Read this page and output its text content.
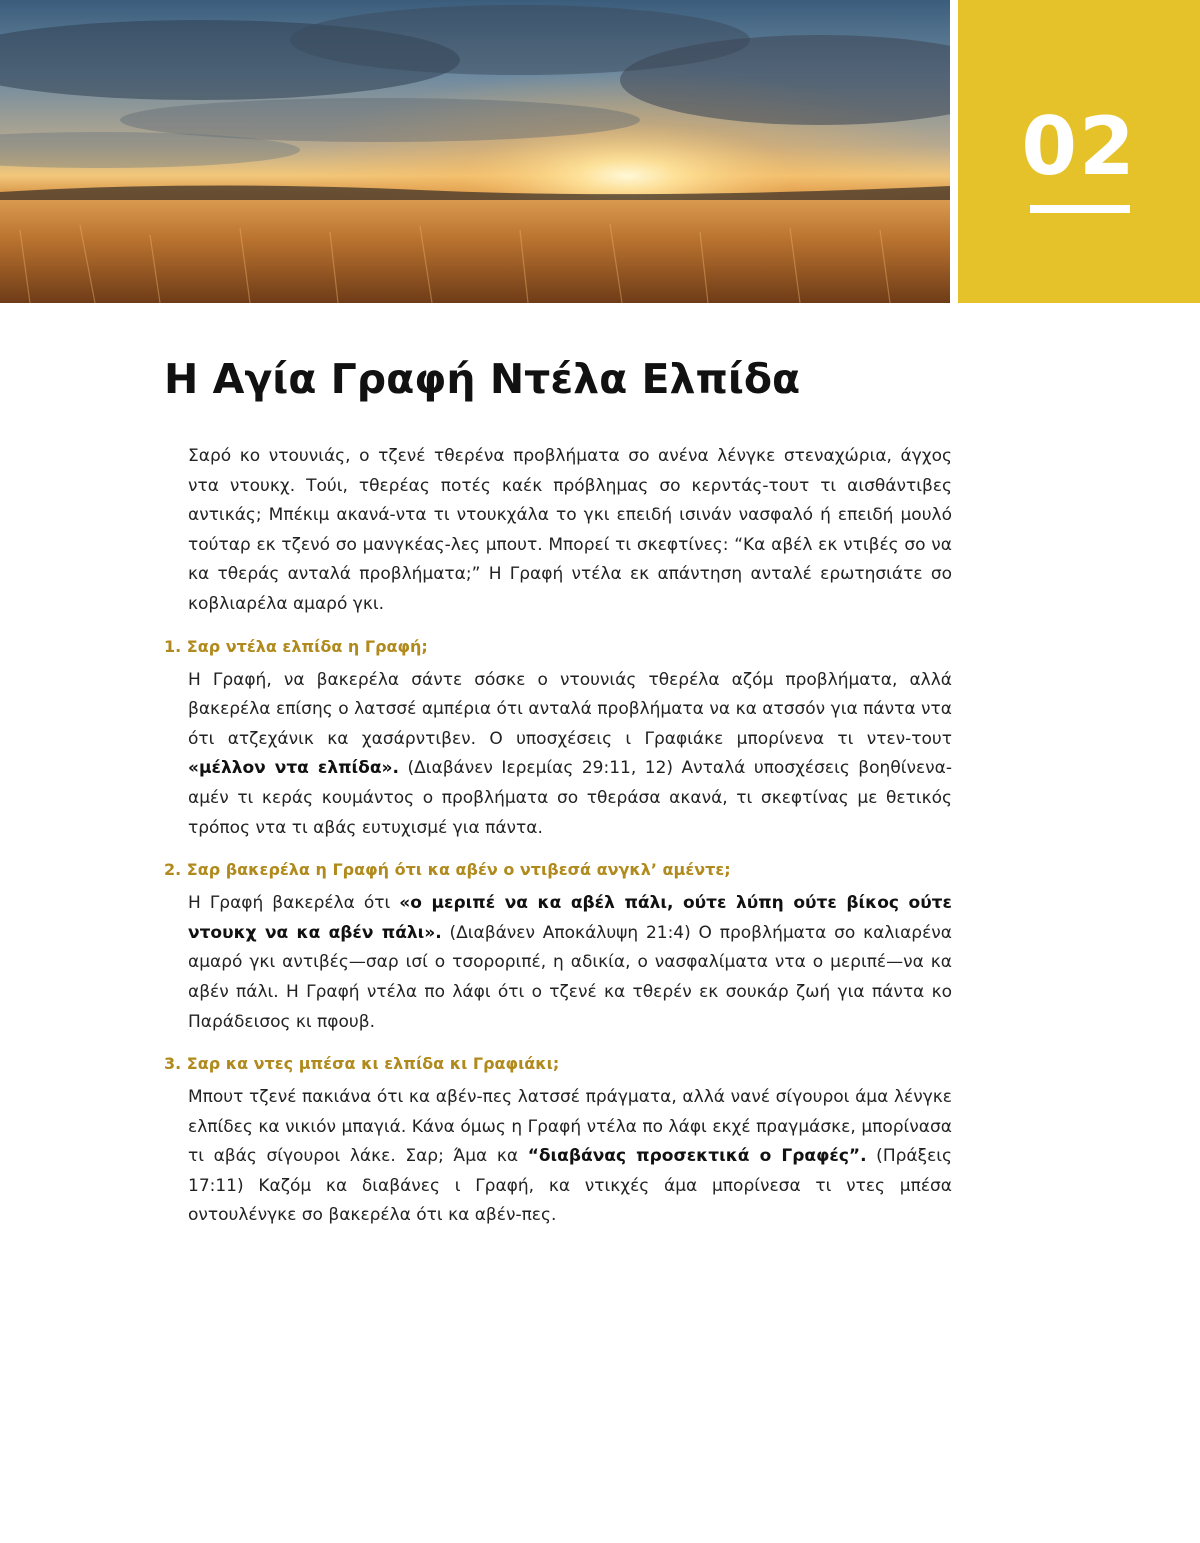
02
Η Αγία Γραφή Ντέλα Ελπίδα

Σαρό κο ντουνιάς, ο τζενέ τθερένα προβλήματα σο ανένα λένγκε στεναχώρια, άγχος ντα ντουκχ. Τούι, τθερέας ποτές καέκ πρόβλημας σο κερντάς-τουτ τι αισθάντιβες αντικάς; Μπέκιμ ακανά-ντα τι ντουκχάλα το γκι επειδή ισινάν νασφαλό ή επειδή μουλό τούταρ εκ τζενό σο μανγκέας-λες μπουτ. Μπορεί τι σκεφτίνες: “Κα αβέλ εκ ντιβές σο να κα τθεράς ανταλά προβλήματα;” Η Γραφή ντέλα εκ απάντηση ανταλέ ερωτησιάτε σο κοβλιαρέλα αμαρό γκι.

1. Σαρ ντέλα ελπίδα η Γραφή;

Η Γραφή, να βακερέλα σάντε σόσκε ο ντουνιάς τθερέλα αζόμ προβλήματα, αλλά βακερέλα επίσης ο λατσσέ αμπέρια ότι ανταλά προβλήματα να κα ατσσόν για πάντα ντα ότι ατζεχάνικ κα χασάρντιβεν. Ο υποσχέσεις ι Γραφιάκε μπορίνενα τι ντεν-τουτ «μέλλον ντα ελπίδα». (Διαβάνεν Ιερεμίας 29:11, 12) Ανταλά υποσχέσεις βοηθίνενα-αμέν τι κεράς κουμάντος ο προβλήματα σο τθεράσα ακανά, τι σκεφτίνας με θετικός τρόπος ντα τι αβάς ευτυχισμέ για πάντα.

2. Σαρ βακερέλα η Γραφή ότι κα αβέν ο ντιβεσά ανγκλ’ αμέντε;

Η Γραφή βακερέλα ότι «ο μεριπέ να κα αβέλ πάλι, ούτε λύπη ούτε βίκος ούτε ντουκχ να κα αβέν πάλι». (Διαβάνεν Αποκάλυψη 21:4) Ο προβλήματα σο καλιαρένα αμαρό γκι αντιβές—σαρ ισί ο τσοροριπέ, η αδικία, ο νασφαλίματα ντα ο μεριπέ—να κα αβέν πάλι. Η Γραφή ντέλα πο λάφι ότι ο τζενέ κα τθερέν εκ σουκάρ ζωή για πάντα κο Παράδεισος κι πφουβ.

3. Σαρ κα ντες μπέσα κι ελπίδα κι Γραφιάκι;

Μπουτ τζενέ πακιάνα ότι κα αβέν-πες λατσσέ πράγματα, αλλά νανέ σίγουροι άμα λένγκε ελπίδες κα νικιόν μπαγιά. Κάνα όμως η Γραφή ντέλα πο λάφι εκχέ πραγμάσκε, μπορίνασα τι αβάς σίγουροι λάκε. Σαρ; Άμα κα “διαβάνας προσεκτικά ο Γραφές”. (Πράξεις 17:11) Καζόμ κα διαβάνες ι Γραφή, κα ντικχές άμα μπορίνεσα τι ντες μπέσα οντουλένγκε σο βακερέλα ότι κα αβέν-πες.
